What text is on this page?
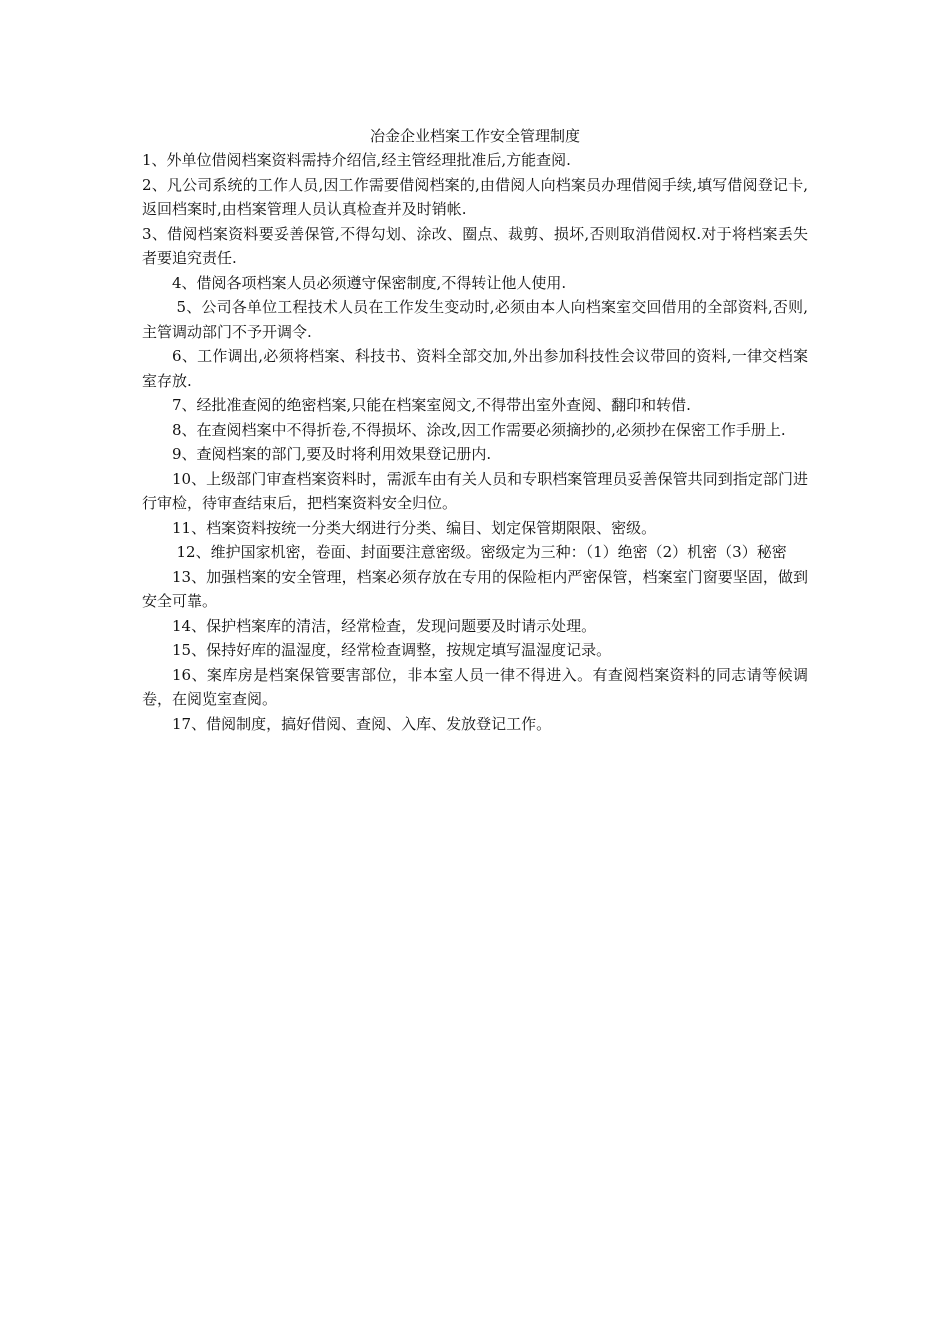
冶金企业档案工作安全管理制度

1、外单位借阅档案资料需持介绍信,经主管经理批准后,方能查阅.

2、凡公司系统的工作人员,因工作需要借阅档案的,由借阅人向档案员办理借阅手续,填写借阅登记卡,返回档案时,由档案管理人员认真检查并及时销帐.

3、借阅档案资料要妥善保管,不得勾划、涂改、圈点、裁剪、损坏,否则取消借阅权.对于将档案丢失者要追究责任.

4、借阅各项档案人员必须遵守保密制度,不得转让他人使用.

5、公司各单位工程技术人员在工作发生变动时,必须由本人向档案室交回借用的全部资料,否则,主管调动部门不予开调令.

6、工作调出,必须将档案、科技书、资料全部交加,外出参加科技性会议带回的资料,一律交档案室存放.

7、经批准查阅的绝密档案,只能在档案室阅文,不得带出室外查阅、翻印和转借.

8、在查阅档案中不得折卷,不得损坏、涂改,因工作需要必须摘抄的,必须抄在保密工作手册上.

9、查阅档案的部门,要及时将利用效果登记册内.

10、上级部门审查档案资料时，需派车由有关人员和专职档案管理员妥善保管共同到指定部门进行审检，待审查结束后，把档案资料安全归位。

11、档案资料按统一分类大纲进行分类、编目、划定保管期限限、密级。

12、维护国家机密，卷面、封面要注意密级。密级定为三种：（1）绝密（2）机密（3）秘密

13、加强档案的安全管理，档案必须存放在专用的保险柜内严密保管，档案室门窗要坚固，做到安全可靠。

14、保护档案库的清洁，经常检查，发现问题要及时请示处理。

15、保持好库的温湿度，经常检查调整，按规定填写温湿度记录。

16、案库房是档案保管要害部位，非本室人员一律不得进入。有查阅档案资料的同志请等候调卷，在阅览室查阅。

17、借阅制度，搞好借阅、查阅、入库、发放登记工作。
